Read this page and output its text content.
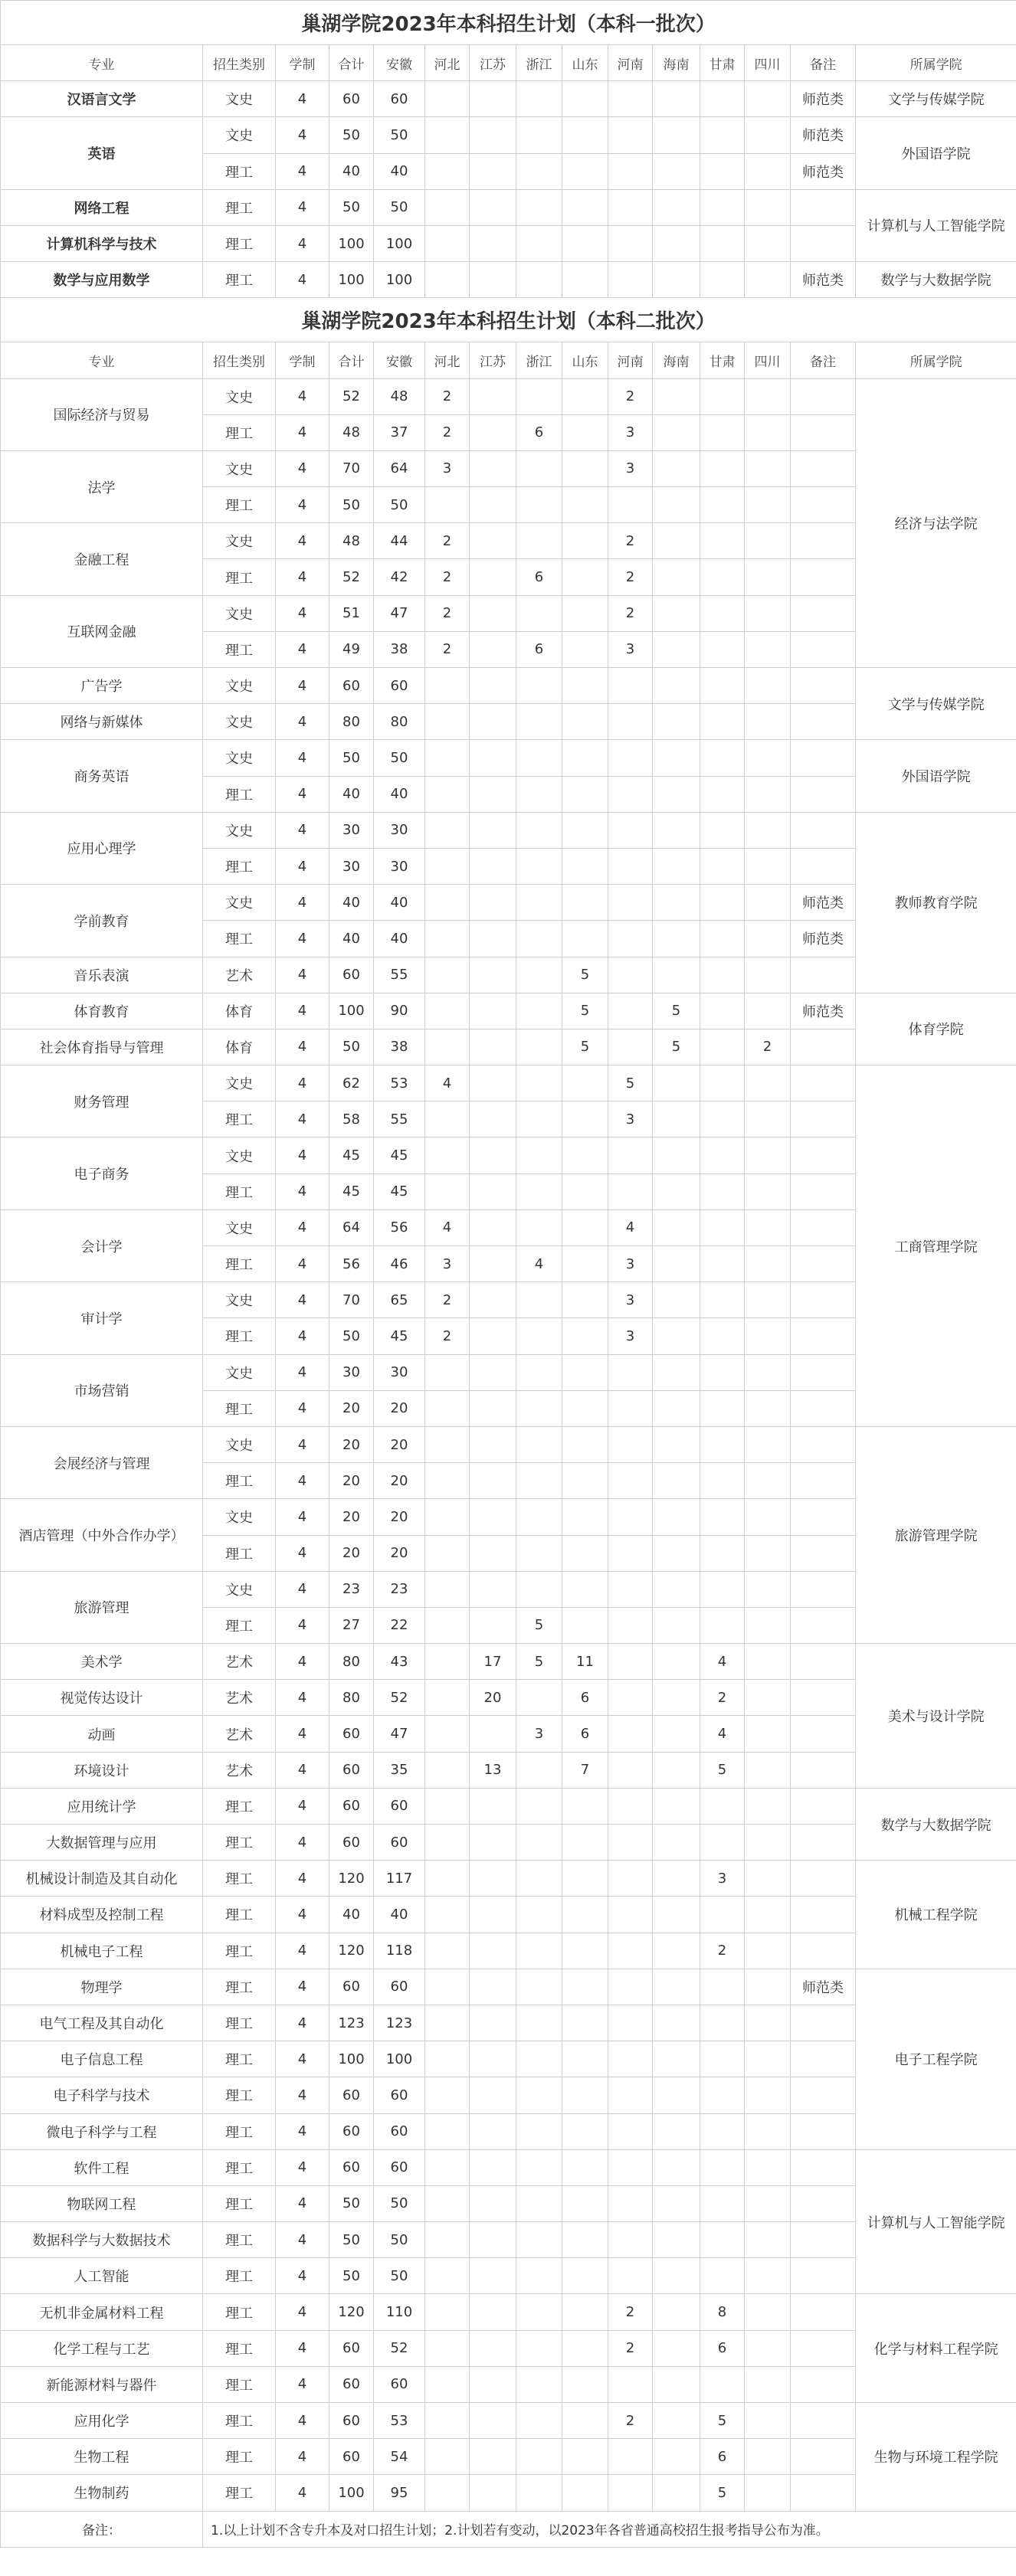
巢湖学院2023年本科招生计划（本科一批次）														
专业	招生类别	学制	合计	安徽	河北	江苏	浙江	山东	河南	海南	甘肃	四川	备注	所属学院
汉语言文学	文史	4	60	60									师范类	文学与传媒学院
英语	文史	4	50	50									师范类	外国语学院
	理工	4	40	40									师范类	
网络工程	理工	4	50	50										计算机与人工智能学院
计算机科学与技术	理工	4	100	100										
数学与应用数学	理工	4	100	100									师范类	数学与大数据学院
巢湖学院2023年本科招生计划（本科二批次）														
专业	招生类别	学制	合计	安徽	河北	江苏	浙江	山东	河南	海南	甘肃	四川	备注	所属学院
国际经济与贸易	文史	4	52	48	2				2					经济与法学院
	理工	4	48	37	2		6		3					
法学	文史	4	70	64	3				3					
	理工	4	50	50										
金融工程	文史	4	48	44	2				2					
	理工	4	52	42	2		6		2					
互联网金融	文史	4	51	47	2				2					
	理工	4	49	38	2		6		3					
广告学	文史	4	60	60										文学与传媒学院
网络与新媒体	文史	4	80	80										
商务英语	文史	4	50	50										外国语学院
	理工	4	40	40										
应用心理学	文史	4	30	30										教师教育学院
	理工	4	30	30										
学前教育	文史	4	40	40									师范类	
	理工	4	40	40									师范类	
音乐表演	艺术	4	60	55				5						
体育教育	体育	4	100	90				5		5			师范类	体育学院
社会体育指导与管理	体育	4	50	38				5		5		2		
财务管理	文史	4	62	53	4				5					工商管理学院
	理工	4	58	55					3					
电子商务	文史	4	45	45										
	理工	4	45	45										
会计学	文史	4	64	56	4				4					
	理工	4	56	46	3		4		3					
审计学	文史	4	70	65	2				3					
	理工	4	50	45	2				3					
市场营销	文史	4	30	30										
	理工	4	20	20										
会展经济与管理	文史	4	20	20										旅游管理学院
	理工	4	20	20										
酒店管理（中外合作办学）	文史	4	20	20										
	理工	4	20	20										
旅游管理	文史	4	23	23										
	理工	4	27	22			5							
美术学	艺术	4	80	43		17	5	11			4			美术与设计学院
视觉传达设计	艺术	4	80	52		20		6			2			
动画	艺术	4	60	47			3	6			4			
环境设计	艺术	4	60	35		13		7			5			
应用统计学	理工	4	60	60										数学与大数据学院
大数据管理与应用	理工	4	60	60										
机械设计制造及其自动化	理工	4	120	117							3			机械工程学院
材料成型及控制工程	理工	4	40	40										
机械电子工程	理工	4	120	118							2			
物理学	理工	4	60	60									师范类	电子工程学院
电气工程及其自动化	理工	4	123	123										
电子信息工程	理工	4	100	100										
电子科学与技术	理工	4	60	60										
微电子科学与工程	理工	4	60	60										
软件工程	理工	4	60	60										计算机与人工智能学院
物联网工程	理工	4	50	50										
数据科学与大数据技术	理工	4	50	50										
人工智能	理工	4	50	50										
无机非金属材料工程	理工	4	120	110					2		8			化学与材料工程学院
化学工程与工艺	理工	4	60	52					2		6			
新能源材料与器件	理工	4	60	60										
应用化学	理工	4	60	53					2		5			生物与环境工程学院
生物工程	理工	4	60	54							6			
生物制药	理工	4	100	95							5			
备注：	1.以上计划不含专升本及对口招生计划；2.计划若有变动，以2023年各省普通高校招生报考指导公布为准。													
